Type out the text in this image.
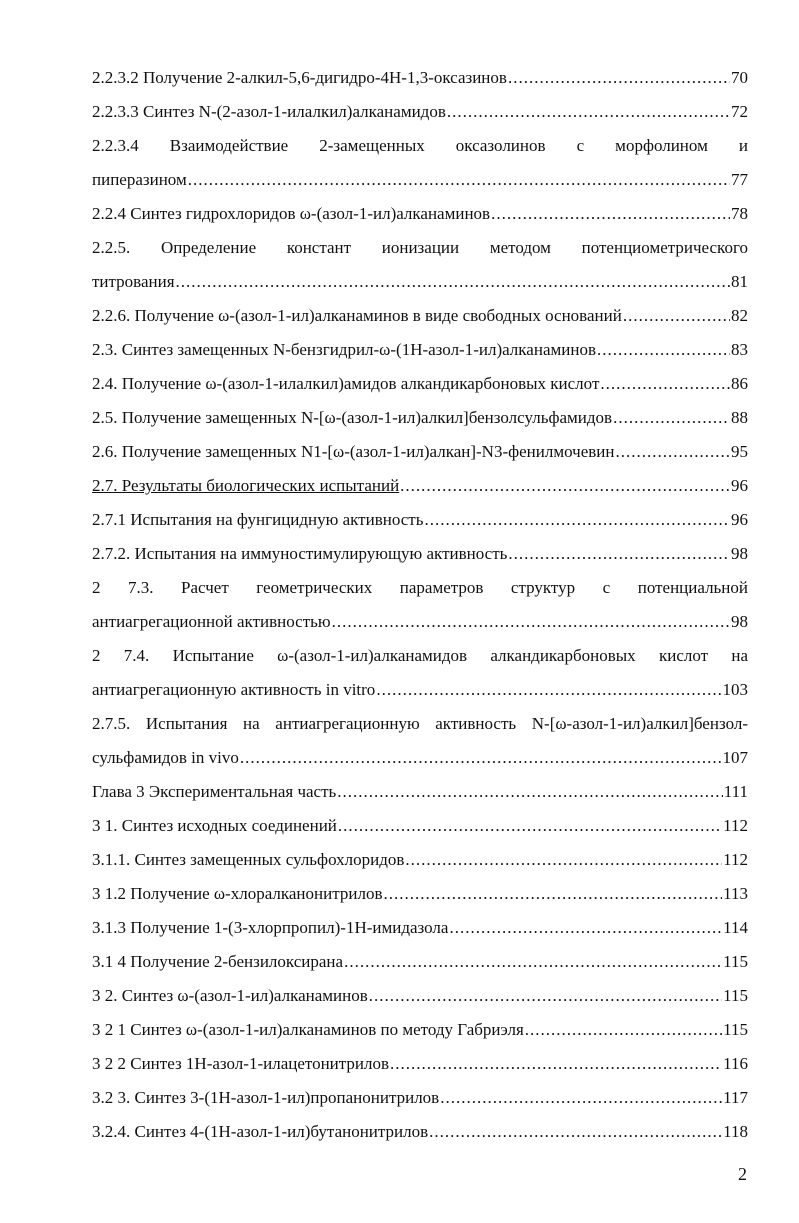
2.2.3.2 Получение 2-алкил-5,6-дигидро-4Н-1,3-оксазинов .....	70
2.2.3.3 Синтез N-(2-азол-1-илалкил)алканамидов .....	72
2.2.3.4 Взаимодействие 2-замещенных оксазолинов с морфолином и
пиперазином .....	77
2.2.4 Синтез гидрохлоридов ω-(азол-1-ил)алканаминов .....	78
2.2.5. Определение констант ионизации методом потенциометрического
титрования .....	81
2.2.6. Получение ω-(азол-1-ил)алканаминов в виде свободных оснований .....	82
2.3. Синтез замещенных N-бензгидрил-ω-(1Н-азол-1-ил)алканаминов .....	83
2.4. Получение ω-(азол-1-илалкил)амидов алкандикарбоновых кислот .....	86
2.5. Получение замещенных N-[ω-(азол-1-ил)алкил]бензолсульфамидов .....	88
2.6. Получение замещенных N1-[ω-(азол-1-ил)алкан]-N3-фенилмочевин .....	95
2.7. Результаты биологических испытаний .....	96
2.7.1 Испытания на фунгицидную активность .....	96
2.7.2. Испытания на иммуностимулирующую активность .....	98
2 7.3. Расчет геометрических параметров структур с потенциальной
антиагрегационной активностью .....	98
2 7.4. Испытание ω-(азол-1-ил)алканамидов алкандикарбоновых кислот на
антиагрегационную активность in vitro .....	103
2.7.5. Испытания на антиагрегационную активность N-[ω-азол-1-ил)алкил]бензол-
сульфамидов in vivo .....	107
Глава 3 Экспериментальная часть .....	111
3 1. Синтез исходных соединений .....	112
3.1.1. Синтез замещенных сульфохлоридов .....	112
3 1.2 Получение ω-хлоралканонитрилов .....	113
3.1.3 Получение 1-(3-хлорпропил)-1Н-имидазола .....	114
3.1 4 Получение 2-бензилоксирана .....	115
3 2. Синтез ω-(азол-1-ил)алканаминов .....	115
3 2 1 Синтез ω-(азол-1-ил)алканаминов по методу Габриэля .....	115
3 2 2 Синтез 1Н-азол-1-илацетонитрилов .....	116
3.2 3. Синтез 3-(1Н-азол-1-ил)пропанонитрилов .....	117
3.2.4. Синтез 4-(1Н-азол-1-ил)бутанонитрилов .....	118
2
